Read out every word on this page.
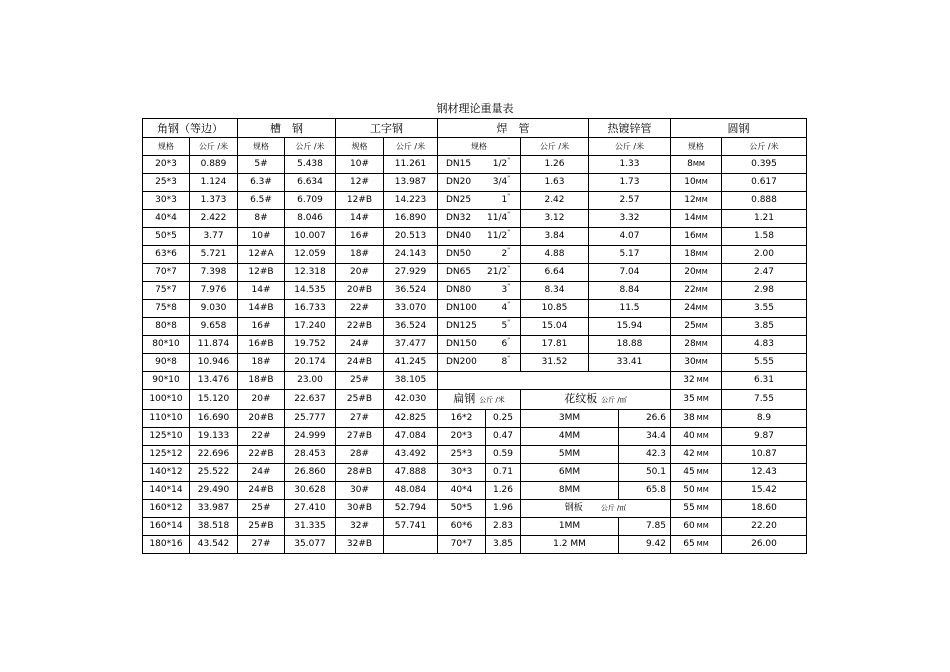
钢材理论重量表
角钢（等边）		槽　钢		工字钢		焊　管			热镀锌管		圆钢	
规格	公斤 /米	规格	公斤 /米	规格	公斤 /米	规格		公斤 /米	公斤 /米		规格	公斤 /米
20*3	0.889	5#	5.438	10#	11.261	DN15 1/2"		1.26	1.33		8MM	0.395
25*3	1.124	6.3#	6.634	12#	13.987	DN20 3/4"		1.63	1.73		10MM	0.617
30*3	1.373	6.5#	6.709	12#B	14.223	DN25 1"		2.42	2.57		12MM	0.888
40*4	2.422	8#	8.046	14#	16.890	DN32 11/4"		3.12	3.32		14MM	1.21
50*5	3.77	10#	10.007	16#	20.513	DN40 11/2"		3.84	4.07		16MM	1.58
63*6	5.721	12#A	12.059	18#	24.143	DN50 2"		4.88	5.17		18MM	2.00
70*7	7.398	12#B	12.318	20#	27.929	DN65 21/2"		6.64	7.04		20MM	2.47
75*7	7.976	14#	14.535	20#B	36.524	DN80 3"		8.34	8.84		22MM	2.98
75*8	9.030	14#B	16.733	22#	33.070	DN100 4"		10.85	11.5		24MM	3.55
80*8	9.658	16#	17.240	22#B	36.524	DN125 5"		15.04	15.94		25MM	3.85
80*10	11.874	16#B	19.752	24#	37.477	DN150 6"		17.81	18.88		28MM	4.83
90*8	10.946	18#	20.174	24#B	41.245	DN200 8"		31.52	33.41		30MM	5.55
90*10	13.476	18#B	23.00	25#	38.105						32 MM	6.31
100*10	15.120	20#	22.637	25#B	42.030	扁钢 公斤 /米		花纹板 公斤 /㎡			35 MM	7.55
110*10	16.690	20#B	25.777	27#	42.825	16*2	0.25	3MM		26.6	38 MM	8.9
125*10	19.133	22#	24.999	27#B	47.084	20*3	0.47	4MM		34.4	40 MM	9.87
125*12	22.696	22#B	28.453	28#	43.492	25*3	0.59	5MM		42.3	42 MM	10.87
140*12	25.522	24#	26.860	28#B	47.888	30*3	0.71	6MM		50.1	45 MM	12.43
140*14	29.490	24#B	30.628	30#	48.084	40*4	1.26	8MM		65.8	50 MM	15.42
160*12	33.987	25#	27.410	30#B	52.794	50*5	1.96	钢板 公斤 /㎡			55 MM	18.60
160*14	38.518	25#B	31.335	32#	57.741	60*6	2.83	1MM		7.85	60 MM	22.20
180*16	43.542	27#	35.077	32#B		70*7	3.85	1.2 MM		9.42	65 MM	26.00
